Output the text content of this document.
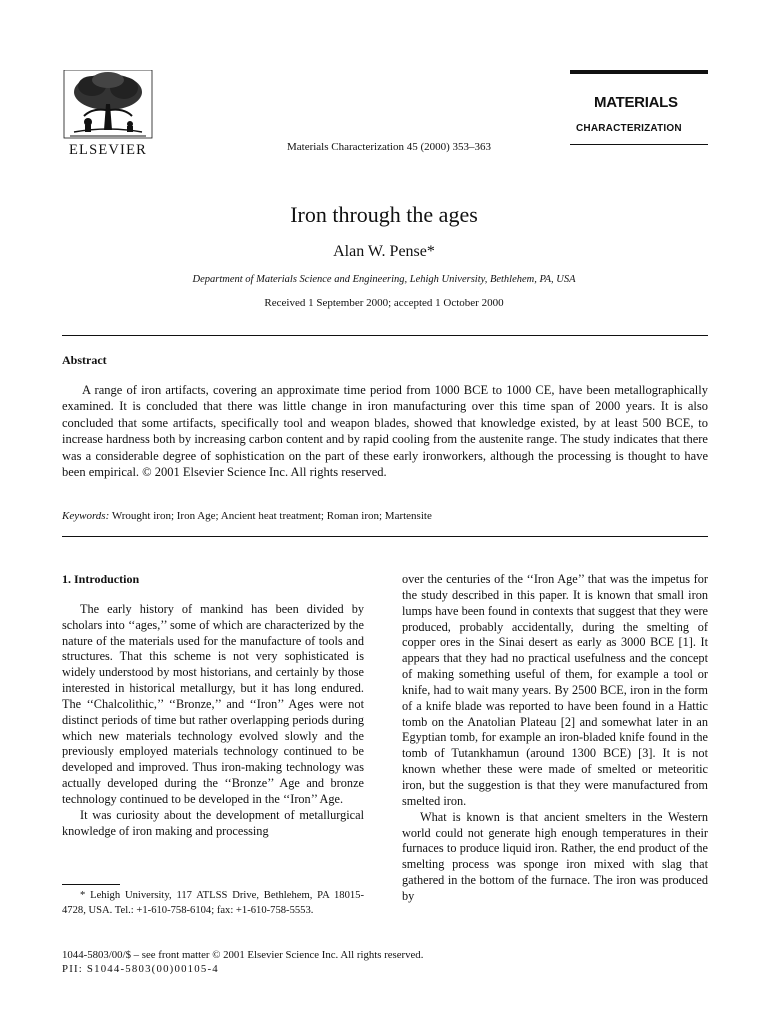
ELSEVIER	Materials Characterization 45 (2000) 353–363
MATERIALS
CHARACTERIZATION
Iron through the ages
Alan W. Pense*
Department of Materials Science and Engineering, Lehigh University, Bethlehem, PA, USA
Received 1 September 2000; accepted 1 October 2000
Abstract
A range of iron artifacts, covering an approximate time period from 1000 BCE to 1000 CE, have been metallographically examined. It is concluded that there was little change in iron manufacturing over this time span of 2000 years. It is also concluded that some artifacts, specifically tool and weapon blades, showed that knowledge existed, by at least 500 BCE, to increase hardness both by increasing carbon content and by rapid cooling from the austenite range. The study indicates that there was a considerable degree of sophistication on the part of these early ironworkers, although the processing is thought to have been empirical. © 2001 Elsevier Science Inc. All rights reserved.
Keywords: Wrought iron; Iron Age; Ancient heat treatment; Roman iron; Martensite
1. Introduction

The early history of mankind has been divided by scholars into ‘‘ages,’’ some of which are characterized by the nature of the materials used for the manufacture of tools and structures. That this scheme is not very sophisticated is widely understood by most historians, and certainly by those interested in historical metallurgy, but it has long endured. The ‘‘Chalcolithic,’’ ‘‘Bronze,’’ and ‘‘Iron’’ Ages were not distinct periods of time but rather overlapping periods during which new materials technology evolved slowly and the previously employed materials technology continued to be developed and improved. Thus iron-making technology was actually developed during the ‘‘Bronze’’ Age and bronze technology continued to be developed in the ‘‘Iron’’ Age.

It was curiosity about the development of metallurgical knowledge of iron making and processing

over the centuries of the ‘‘Iron Age’’ that was the impetus for the study described in this paper. It is known that small iron lumps have been found in contexts that suggest that they were produced, probably accidentally, during the smelting of copper ores in the Sinai desert as early as 3000 BCE [1]. It appears that they had no practical usefulness and the concept of making something useful of them, for example a tool or knife, had to wait many years. By 2500 BCE, iron in the form of a knife blade was reported to have been found in a Hattic tomb on the Anatolian Plateau [2] and somewhat later in an Egyptian tomb, for example an iron-bladed knife found in the tomb of Tutankhamun (around 1300 BCE) [3]. It is not known whether these were made of smelted or meteoritic iron, but the suggestion is that they were manufactured from smelted iron.

What is known is that ancient smelters in the Western world could not generate high enough temperatures in their furnaces to produce liquid iron. Rather, the end product of the smelting process was sponge iron mixed with slag that gathered in the bottom of the furnace. The iron was produced by

* Lehigh University, 117 ATLSS Drive, Bethlehem, PA 18015-4728, USA. Tel.: +1-610-758-6104; fax: +1-610-758-5553.
1044-5803/00/$ – see front matter © 2001 Elsevier Science Inc. All rights reserved.
PII: S1044-5803(00)00105-4
